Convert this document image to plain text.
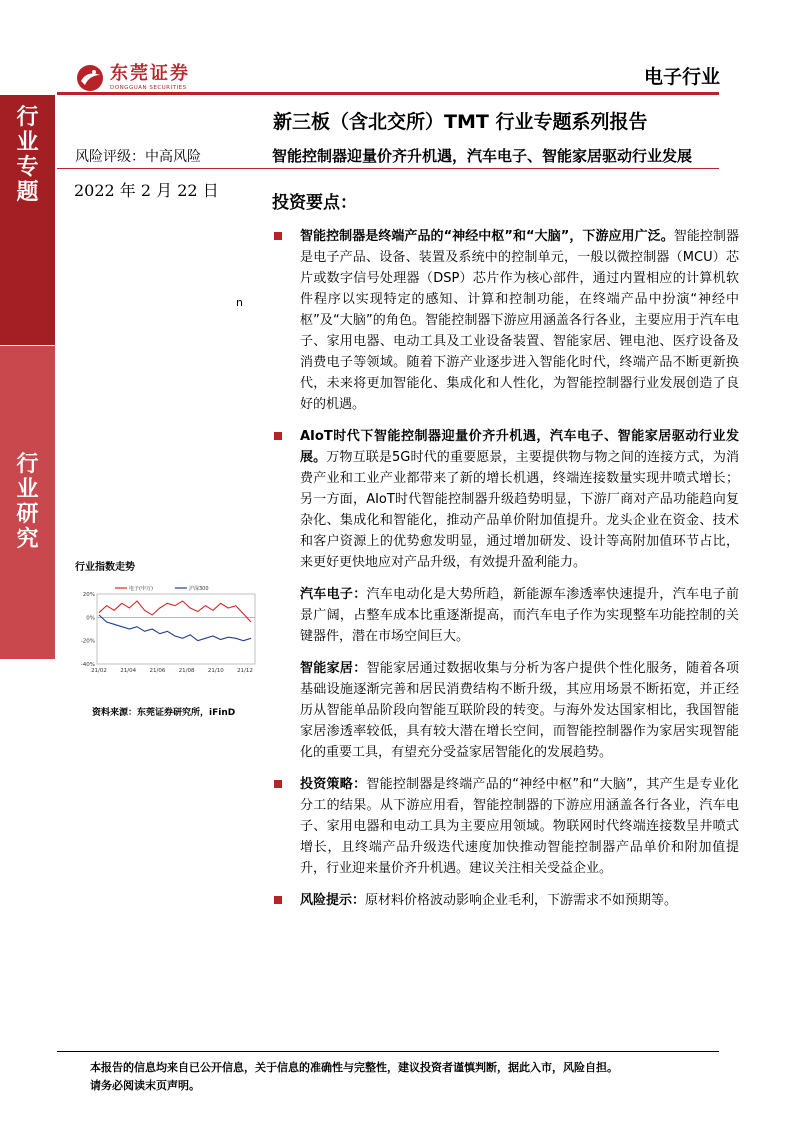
行
业
专
题
行
业
研
究
东莞证券
DONGGUAN SECURITIES	电子行业
新三板（含北交所）TMT 行业专题系列报告
风险评级：中高风险	智能控制器迎量价齐升机遇，汽车电子、智能家居驱动行业发展
2022 年 2 月 22 日
投资要点：
n
行业指数走势
20%
0%
-20%
-40%
21/02 21/04 21/06 21/08 21/10 21/12
电子(申万)	沪深300
资料来源：东莞证券研究所，iFinD
智能控制器是终端产品的“神经中枢”和“大脑”，下游应用广泛。智能控制器是电子产品、设备、装置及系统中的控制单元，一般以微控制器（MCU）芯片或数字信号处理器（DSP）芯片作为核心部件，通过内置相应的计算机软件程序以实现特定的感知、计算和控制功能，在终端产品中扮演“神经中枢”及“大脑”的角色。智能控制器下游应用涵盖各行各业，主要应用于汽车电子、家用电器、电动工具及工业设备装置、智能家居、锂电池、医疗设备及消费电子等领域。随着下游产业逐步进入智能化时代，终端产品不断更新换代，未来将更加智能化、集成化和人性化，为智能控制器行业发展创造了良好的机遇。
AIoT时代下智能控制器迎量价齐升机遇，汽车电子、智能家居驱动行业发展。万物互联是5G时代的重要愿景，主要提供物与物之间的连接方式，为消费产业和工业产业都带来了新的增长机遇，终端连接数量实现井喷式增长；另一方面，AIoT时代智能控制器升级趋势明显，下游厂商对产品功能趋向复杂化、集成化和智能化，推动产品单价附加值提升。龙头企业在资金、技术和客户资源上的优势愈发明显，通过增加研发、设计等高附加值环节占比，来更好更快地应对产品升级，有效提升盈利能力。
汽车电子：汽车电动化是大势所趋，新能源车渗透率快速提升，汽车电子前景广阔，占整车成本比重逐渐提高，而汽车电子作为实现整车功能控制的关键器件，潜在市场空间巨大。
智能家居：智能家居通过数据收集与分析为客户提供个性化服务，随着各项基础设施逐渐完善和居民消费结构不断升级，其应用场景不断拓宽，并正经历从智能单品阶段向智能互联阶段的转变。与海外发达国家相比，我国智能家居渗透率较低，具有较大潜在增长空间，而智能控制器作为家居实现智能化的重要工具，有望充分受益家居智能化的发展趋势。
投资策略：智能控制器是终端产品的“神经中枢”和“大脑”，其产生是专业化分工的结果。从下游应用看，智能控制器的下游应用涵盖各行各业，汽车电子、家用电器和电动工具为主要应用领域。物联网时代终端连接数呈井喷式增长，且终端产品升级迭代速度加快推动智能控制器产品单价和附加值提升，行业迎来量价齐升机遇。建议关注相关受益企业。
风险提示：原材料价格波动影响企业毛利，下游需求不如预期等。
本报告的信息均来自已公开信息，关于信息的准确性与完整性，建议投资者谨慎判断，据此入市，风险自担。
请务必阅读末页声明。
